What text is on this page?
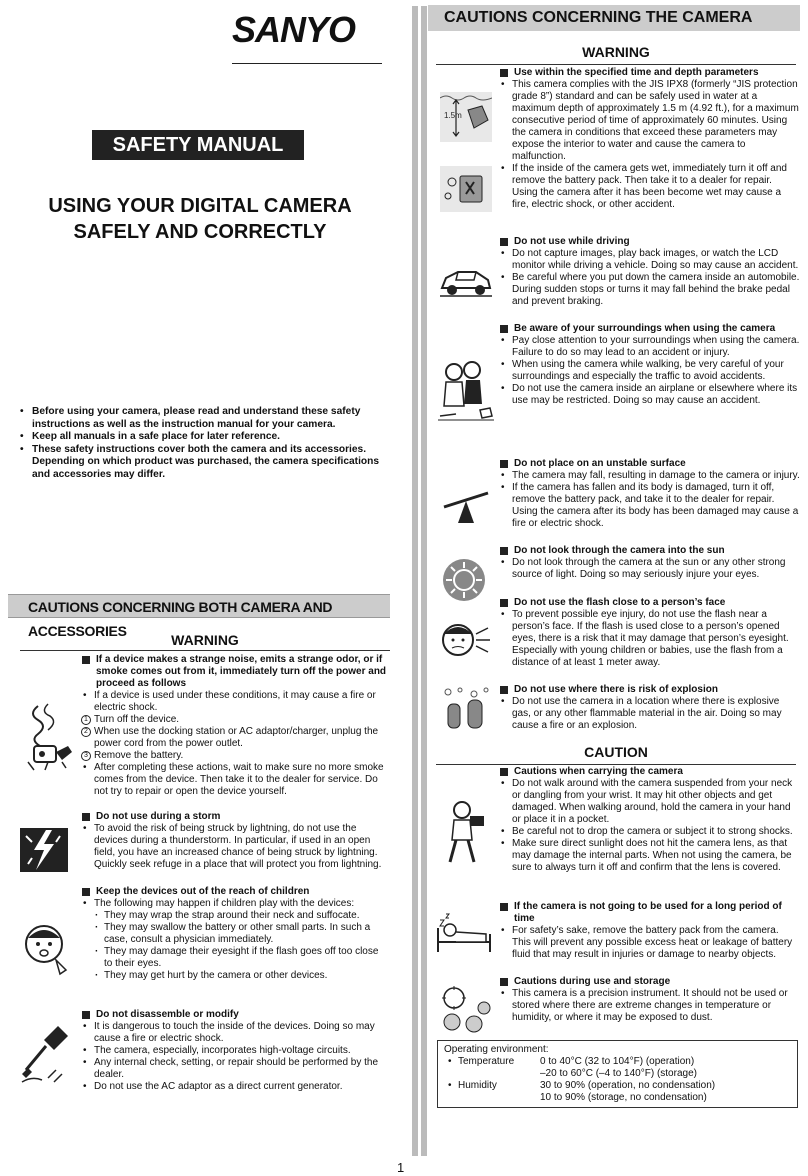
SANYO
SAFETY MANUAL
USING YOUR DIGITAL CAMERA
SAFELY AND CORRECTLY
• Before using your camera, please read and understand these safety instructions as well as the instruction manual for your camera.
• Keep all manuals in a safe place for later reference.
• These safety instructions cover both the camera and its accessories. Depending on which product was purchased, the camera specifications and accessories may differ.
CAUTIONS CONCERNING BOTH CAMERA AND ACCESSORIES
WARNING
If a device makes a strange noise, emits a strange odor, or if smoke comes out from it, immediately turn off the power and proceed as follows
• If a device is used under these conditions, it may cause a fire or electric shock.
1 Turn off the device.
2 When use the docking station or AC adaptor/charger, unplug the power cord from the power outlet.
3 Remove the battery.
• After completing these actions, wait to make sure no more smoke comes from the device. Then take it to the dealer for service. Do not try to repair or open the device yourself.
Do not use during a storm
• To avoid the risk of being struck by lightning, do not use the devices during a thunderstorm. In particular, if used in an open field, you have an increased chance of being struck by lightning. Quickly seek refuge in a place that will protect you from lightning.
Keep the devices out of the reach of children
• The following may happen if children play with the devices:
· They may wrap the strap around their neck and suffocate.
· They may swallow the battery or other small parts. In such a case, consult a physician immediately.
· They may damage their eyesight if the flash goes off too close to their eyes.
· They may get hurt by the camera or other devices.
Do not disassemble or modify
• It is dangerous to touch the inside of the devices. Doing so may cause a fire or electric shock.
• The camera, especially, incorporates high-voltage circuits.
• Any internal check, setting, or repair should be performed by the dealer.
• Do not use the AC adaptor as a direct current generator.
CAUTIONS CONCERNING THE CAMERA
WARNING
1.5m
Use within the specified time and depth parameters
• This camera complies with the JIS IPX8 (formerly “JIS protection grade 8”) standard and can be safely used in water at a maximum depth of approximately 1.5 m (4.92 ft.), for a maximum consecutive period of time of approximately 60 minutes. Using the camera in conditions that exceed these parameters may expose the interior to water and cause the camera to malfunction.
• If the inside of the camera gets wet, immediately turn it off and remove the battery pack. Then take it to a dealer for repair. Using the camera after it has been become wet may cause a fire, electric shock, or other accident.
Do not use while driving
• Do not capture images, play back images, or watch the LCD monitor while driving a vehicle. Doing so may cause an accident.
• Be careful where you put down the camera inside an automobile. During sudden stops or turns it may fall behind the brake pedal and prevent braking.
Be aware of your surroundings when using the camera
• Pay close attention to your surroundings when using the camera. Failure to do so may lead to an accident or injury.
• When using the camera while walking, be very careful of your surroundings and especially the traffic to avoid accidents.
• Do not use the camera inside an airplane or elsewhere where its use may be restricted. Doing so may cause an accident.
Do not place on an unstable surface
• The camera may fall, resulting in damage to the camera or injury.
• If the camera has fallen and its body is damaged, turn it off, remove the battery pack, and take it to the dealer for repair. Using the camera after its body has been damaged may cause a fire or electric shock.
Do not look through the camera into the sun
• Do not look through the camera at the sun or any other strong source of light. Doing so may seriously injure your eyes.
Do not use the flash close to a person’s face
• To prevent possible eye injury, do not use the flash near a person’s face. If the flash is used close to a person’s opened eyes, there is a risk that it may damage that person’s eyesight. Especially with young children or babies, use the flash from a distance of at least 1 meter away.
Do not use where there is risk of explosion
• Do not use the camera in a location where there is explosive gas, or any other flammable material in the air. Doing so may cause a fire or an explosion.
CAUTION
Cautions when carrying the camera
• Do not walk around with the camera suspended from your neck or dangling from your wrist. It may hit other objects and get damaged. When walking around, hold the camera in your hand or place it in a pocket.
• Be careful not to drop the camera or subject it to strong shocks.
• Make sure direct sunlight does not hit the camera lens, as that may damage the internal parts. When not using the camera, be sure to always turn it off and confirm that the lens is covered.
If the camera is not going to be used for a long period of time
• For safety’s sake, remove the battery pack from the camera. This will prevent any possible excess heat or leakage of battery fluid that may result in injuries or damage to nearby objects.
Cautions during use and storage
• This camera is a precision instrument. It should not be used or stored where there are extreme changes in temperature or humidity, or where it may be exposed to dust.
Operating environment:
• Temperature	0 to 40°C (32 to 104°F) (operation)
–20 to 60°C (–4 to 140°F) (storage)
• Humidity	30 to 90% (operation, no condensation)
10 to 90% (storage, no condensation)
1
